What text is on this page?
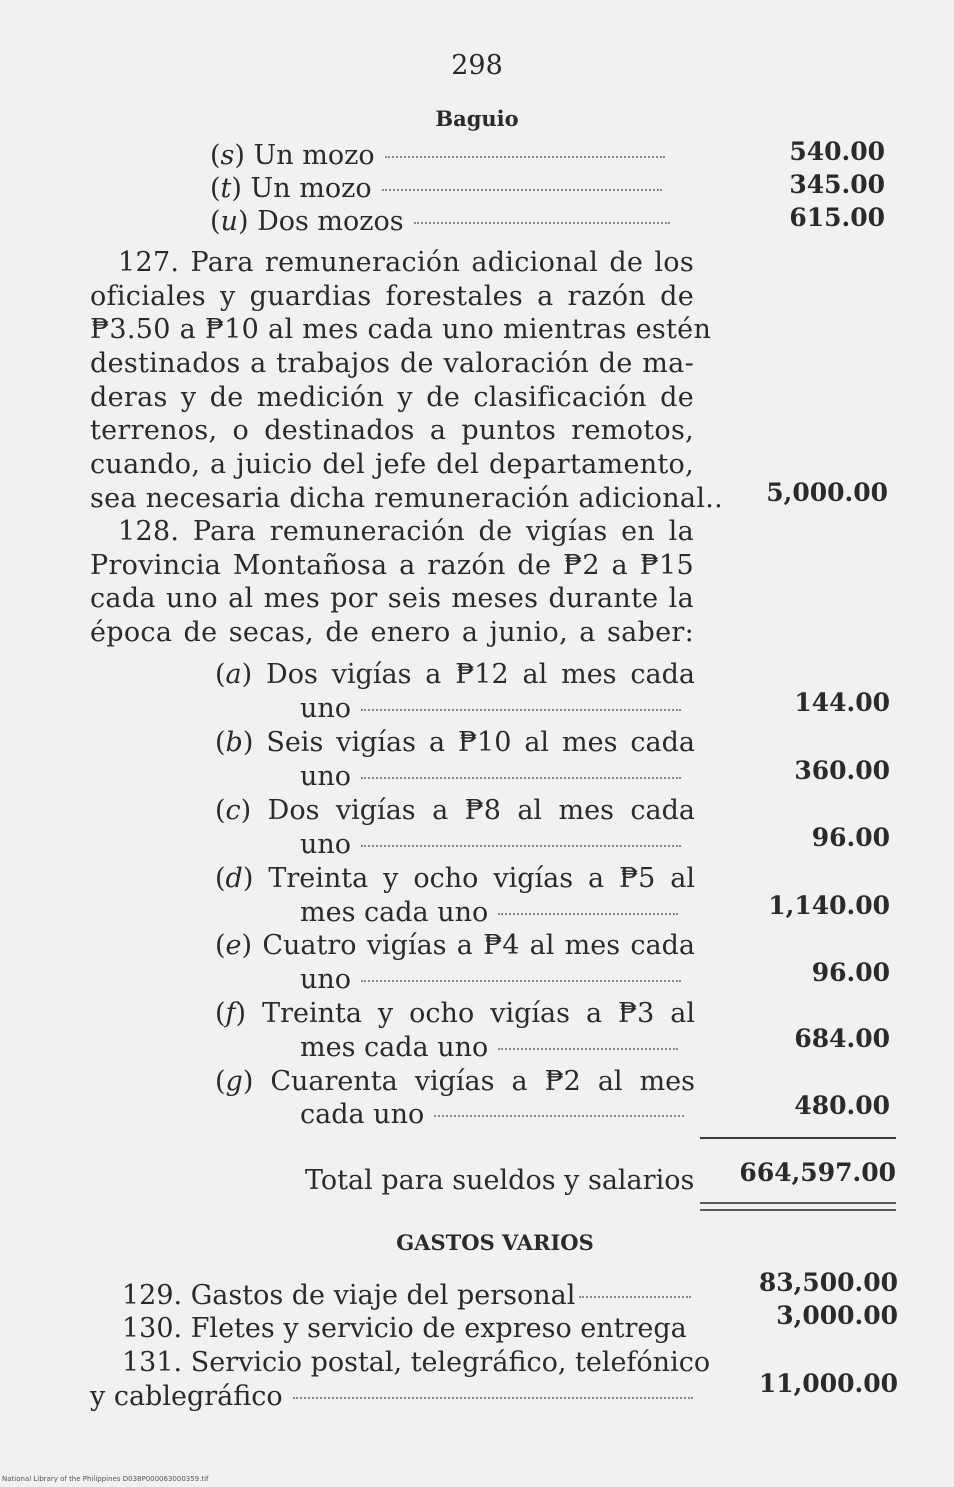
298
Baguio
(s) Un mozo	540.00
(t) Un mozo	345.00
(u) Dos mozos	615.00
127. Para remuneración adicional de los
oficiales y guardias forestales a razón de
₱3.50 a ₱10 al mes cada uno mientras estén
destinados a trabajos de valoración de ma-
deras y de medición y de clasificación de
terrenos, o destinados a puntos remotos,
cuando, a juicio del jefe del departamento,
sea necesaria dicha remuneración adicional..	5,000.00
128. Para remuneración de vigías en la
Provincia Montañosa a razón de ₱2 a ₱15
cada uno al mes por seis meses durante la
época de secas, de enero a junio, a saber:
(a) Dos vigías a ₱12 al mes cada
uno	144.00
(b) Seis vigías a ₱10 al mes cada
uno	360.00
(c) Dos vigías a ₱8 al mes cada
uno	96.00
(d) Treinta y ocho vigías a ₱5 al
mes cada uno	1,140.00
(e) Cuatro vigías a ₱4 al mes cada
uno	96.00
(f) Treinta y ocho vigías a ₱3 al
mes cada uno	684.00
(g) Cuarenta vigías a ₱2 al mes
cada uno	480.00
Total para sueldos y salarios	664,597.00
GASTOS VARIOS
129. Gastos de viaje del personal	83,500.00
130. Fletes y servicio de expreso entrega	3,000.00
131. Servicio postal, telegráfico, telefónico
y cablegráfico	11,000.00
National Library of the Philippines D038P000063000359.tif
